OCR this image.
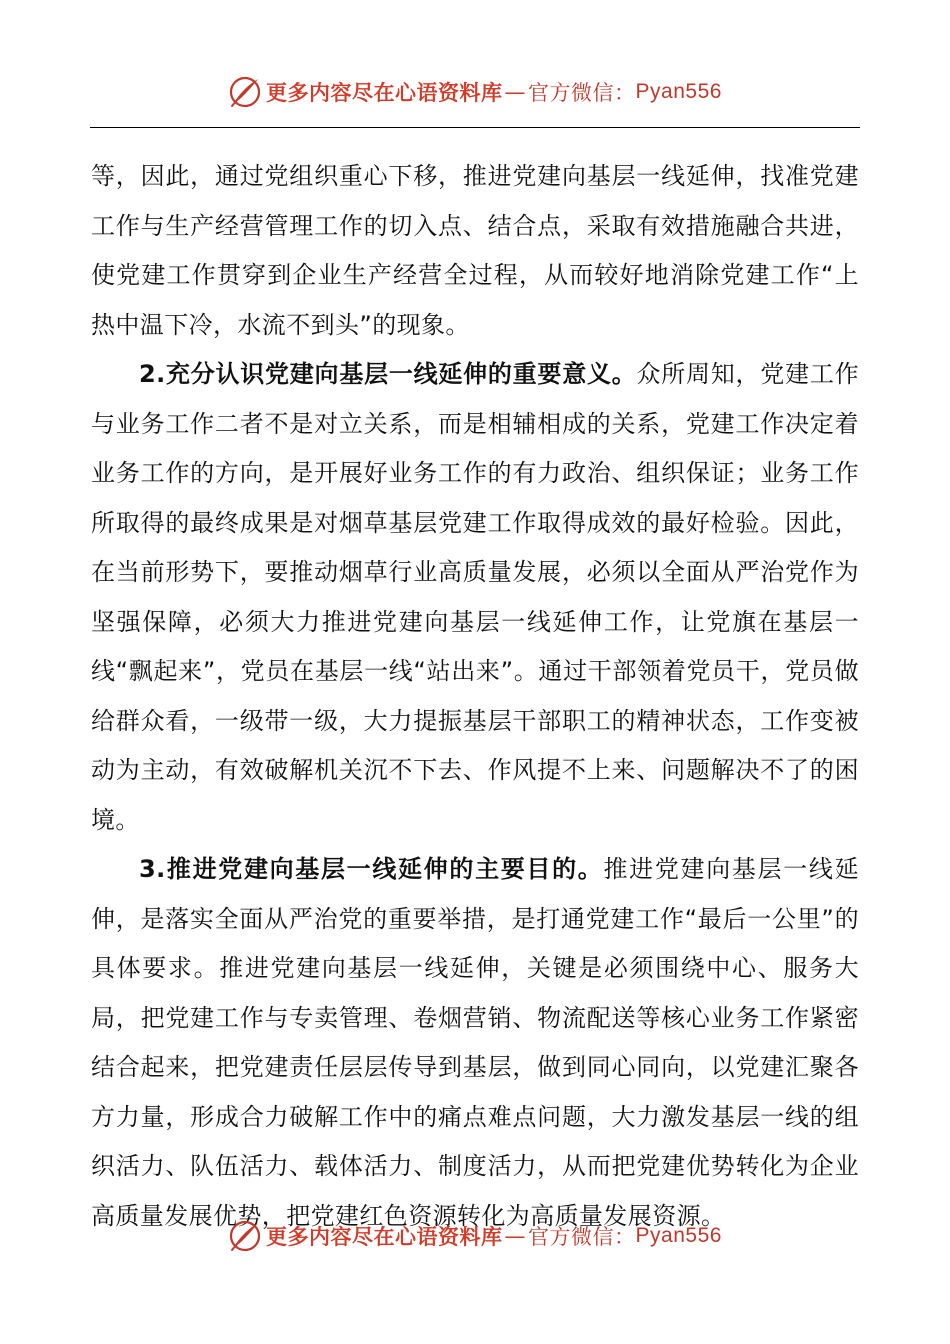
更多内容尽在心语资料库 — 官方微信： Pyan556

等，因此，通过党组织重心下移，推进党建向基层一线延伸，找准党建工作与生产经营管理工作的切入点、结合点，采取有效措施融合共进，使党建工作贯穿到企业生产经营全过程，从而较好地消除党建工作“上热中温下冷，水流不到头”的现象。

2.充分认识党建向基层一线延伸的重要意义。众所周知，党建工作与业务工作二者不是对立关系，而是相辅相成的关系，党建工作决定着业务工作的方向，是开展好业务工作的有力政治、组织保证；业务工作所取得的最终成果是对烟草基层党建工作取得成效的最好检验。因此，在当前形势下，要推动烟草行业高质量发展，必须以全面从严治党作为坚强保障，必须大力推进党建向基层一线延伸工作，让党旗在基层一线“飘起来”，党员在基层一线“站出来”。通过干部领着党员干，党员做给群众看，一级带一级，大力提振基层干部职工的精神状态，工作变被动为主动，有效破解机关沉不下去、作风提不上来、问题解决不了的困境。

3.推进党建向基层一线延伸的主要目的。推进党建向基层一线延伸，是落实全面从严治党的重要举措，是打通党建工作“最后一公里”的具体要求。推进党建向基层一线延伸，关键是必须围绕中心、服务大局，把党建工作与专卖管理、卷烟营销、物流配送等核心业务工作紧密结合起来，把党建责任层层传导到基层，做到同心同向，以党建汇聚各方力量，形成合力破解工作中的痛点难点问题，大力激发基层一线的组织活力、队伍活力、载体活力、制度活力，从而把党建优势转化为企业高质量发展优势，把党建红色资源转化为高质量发展资源。

更多内容尽在心语资料库 — 官方微信： Pyan556
